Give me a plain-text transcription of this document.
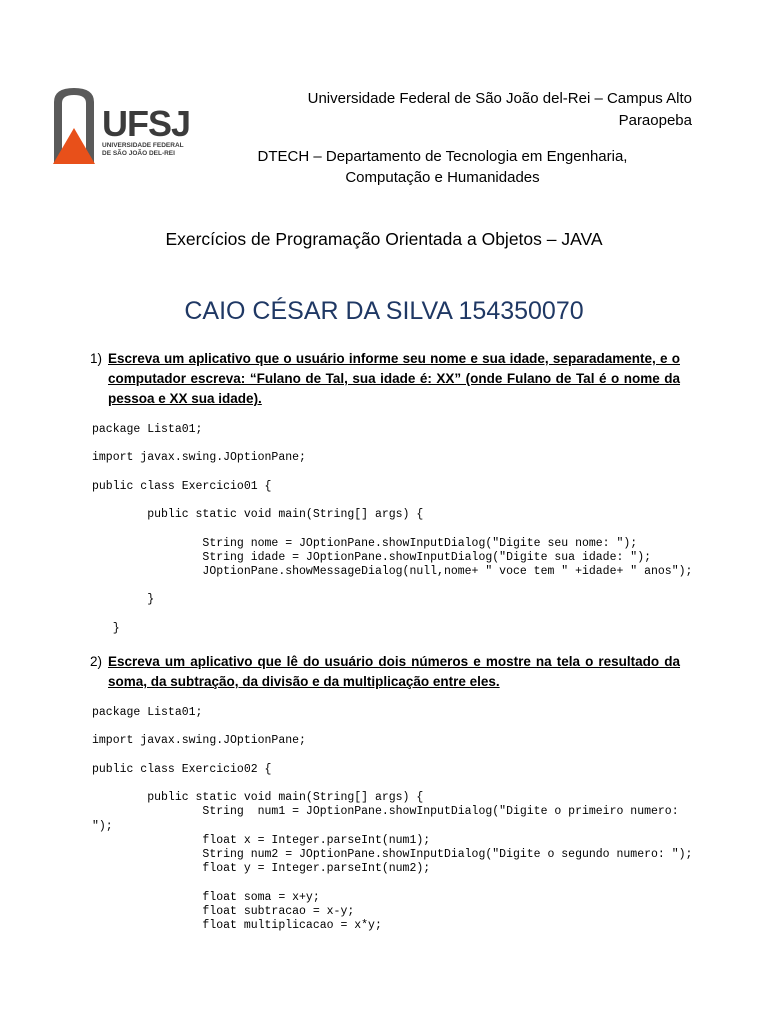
UFSJ
UNIVERSIDADE FEDERAL
DE SÃO JOÃO DEL-REI
Universidade Federal de São João del-Rei – Campus Alto Paraopeba
DTECH – Departamento de Tecnologia em Engenharia, Computação e Humanidades
Exercícios de Programação Orientada a Objetos – JAVA
CAIO CÉSAR DA SILVA 154350070
1) Escreva um aplicativo que o usuário informe seu nome e sua idade, separadamente, e o computador escreva: “Fulano de Tal, sua idade é: XX” (onde Fulano de Tal é o nome da pessoa e XX sua idade).
package Lista01;

import javax.swing.JOptionPane;

public class Exercicio01 {

public static void main(String[] args) {

String nome = JOptionPane.showInputDialog("Digite seu nome: ");
String idade = JOptionPane.showInputDialog("Digite sua idade: ");
JOptionPane.showMessageDialog(null,nome+ " voce tem " +idade+ " anos");

}

}
2) Escreva um aplicativo que lê do usuário dois números e mostre na tela o resultado da soma, da subtração, da divisão e da multiplicação entre eles.
package Lista01;

import javax.swing.JOptionPane;

public class Exercicio02 {

public static void main(String[] args) {
String  num1 = JOptionPane.showInputDialog("Digite o primeiro numero:
");
float x = Integer.parseInt(num1);
String num2 = JOptionPane.showInputDialog("Digite o segundo numero: ");
float y = Integer.parseInt(num2);

float soma = x+y;
float subtracao = x-y;
float multiplicacao = x*y;
